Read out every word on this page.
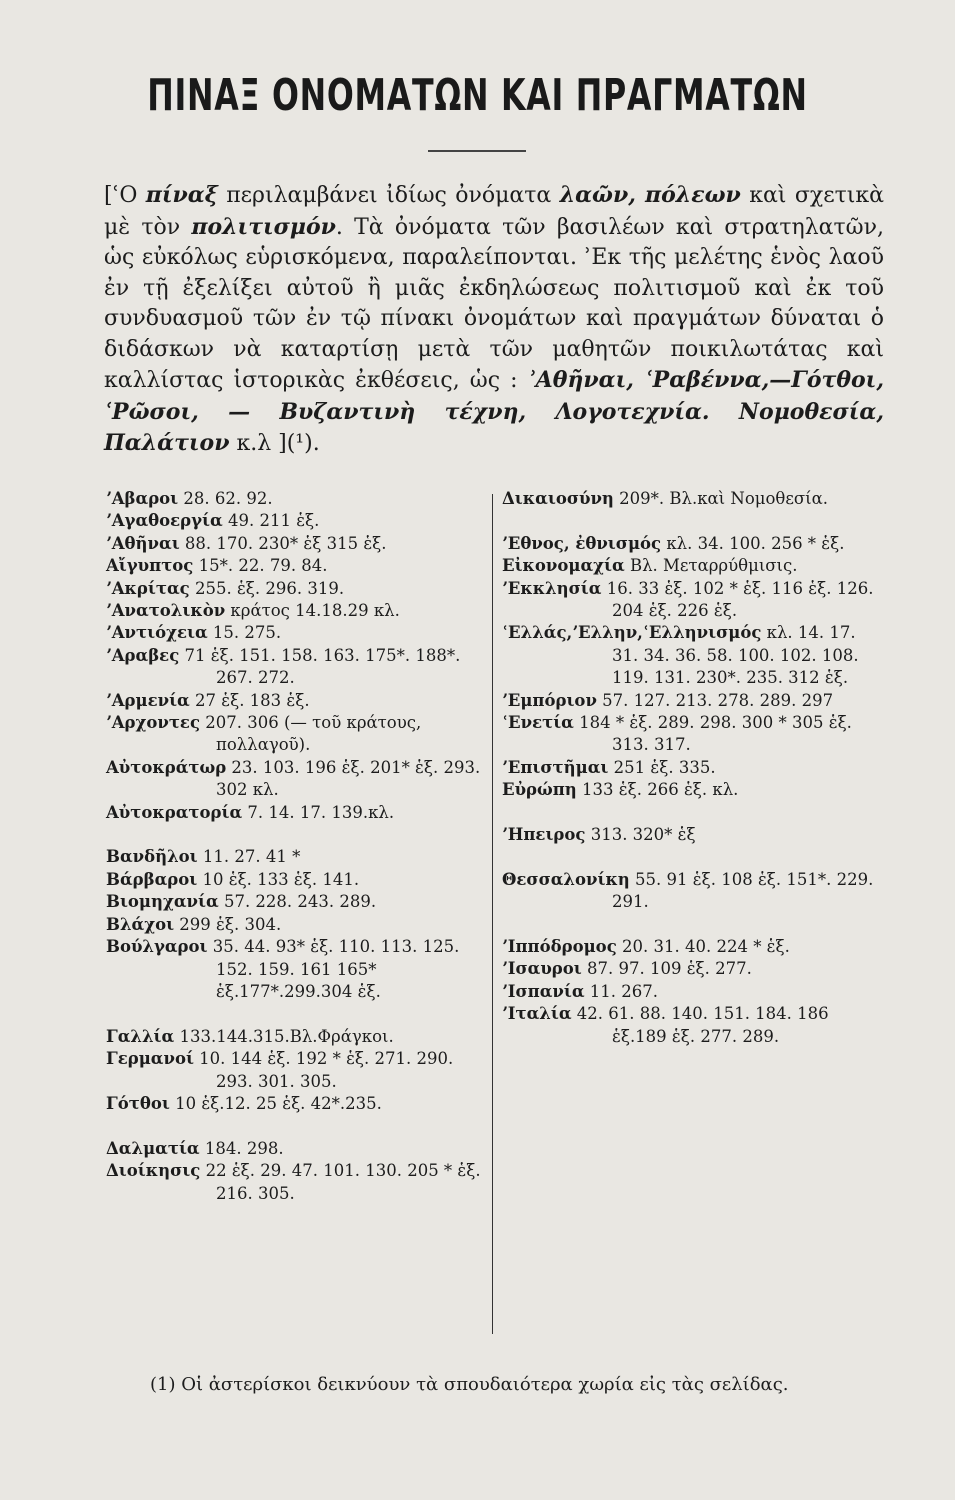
ΠΙΝΑΞ ΟΝΟΜΑΤΩΝ ΚΑΙ ΠΡΑΓΜΑΤΩΝ
[ʿΟ πίναξ περιλαμβάνει ἰδίως ὀνόματα λαῶν, πόλεων καὶ σχετικὰ μὲ τὸν πολιτισμόν. Τὰ ὀνόματα τῶν βασιλέων καὶ στρατηλατῶν, ὡς εὐκόλως εὑρισκόμενα, παραλείπονται. ʾΕκ τῆς μελέτης ἑνὸς λαοῦ ἐν τῇ ἐξελίξει αὐτοῦ ἢ μιᾶς ἐκδηλώσεως πολιτισμοῦ καὶ ἐκ τοῦ συνδυασμοῦ τῶν ἐν τῷ πίνακι ὀνομάτων καὶ πραγμάτων δύναται ὁ διδάσκων νὰ καταρτίσῃ μετὰ τῶν μαθητῶν ποικιλωτάτας καὶ καλλίστας ἱστορικὰς ἐκθέσεις, ὡς : ʾΑθῆναι, ʿΡαβέννα,—Γότθοι, ʿΡῶσοι, — Βυζαντινὴ τέχνη, Λογοτεχνία. Νομοθεσία, Παλάτιον κ.λ ](¹).

ʼΑβαροι 28. 62. 92.

ʼΑγαθοεργία 49. 211 ἑξ.

ʼΑθῆναι 88. 170. 230* ἑξ 315 ἑξ.

Αἴγυπτος 15*. 22. 79. 84.

ʼΑκρίτας 255. ἑξ. 296. 319.

ʼΑνατολικὸν κράτος 14.18.29 κλ.

ʼΑντιόχεια 15. 275.

ʼΑραβες 71 ἑξ. 151. 158. 163. 175*. 188*. 267. 272.

ʼΑρμενία 27 ἑξ. 183 ἑξ.

ʼΑρχοντες 207. 306 (— τοῦ κράτους, πολλαγοῦ).

Αὐτοκράτωρ 23. 103. 196 ἑξ. 201* ἑξ. 293. 302 κλ.

Αὐτοκρατορία 7. 14. 17. 139.κλ.

Βανδῆλοι 11. 27. 41 *

Βάρβαροι 10 ἑξ. 133 ἑξ. 141.

Βιομηχανία 57. 228. 243. 289.

Βλάχοι 299 ἑξ. 304.

Βούλγαροι 35. 44. 93* ἑξ. 110. 113. 125. 152. 159. 161 165* ἑξ.177*.299.304 ἑξ.

Γαλλία 133.144.315.Βλ.Φράγκοι.

Γερμανοί 10. 144 ἑξ. 192 * ἑξ. 271. 290. 293. 301. 305.

Γότθοι 10 ἑξ.12. 25 ἑξ. 42*.235.

Δαλματία 184. 298.

Διοίκησις 22 ἑξ. 29. 47. 101. 130. 205 * ἑξ. 216. 305.

Δικαιοσύνη 209*. Βλ.καὶ Νομοθεσία.

ʼΕθνος, ἐθνισμός κλ. 34. 100. 256 * ἑξ.

Εἰκονομαχία Βλ. Μεταρρύθμισις.

ʼΕκκλησία 16. 33 ἑξ. 102 * ἑξ. 116 ἑξ. 126. 204 ἑξ. 226 ἑξ.

ʿΕλλάς,ʼΕλλην,ʿΕλληνισμός κλ. 14. 17. 31. 34. 36. 58. 100. 102. 108. 119. 131. 230*. 235. 312 ἑξ.

ʼΕμπόριον 57. 127. 213. 278. 289. 297

ʿΕνετία 184 * ἑξ. 289. 298. 300 * 305 ἑξ. 313. 317.

ʼΕπιστῆμαι 251 ἑξ. 335.

Εὐρώπη 133 ἑξ. 266 ἑξ. κλ.

ʼΗπειρος 313. 320* ἑξ

Θεσσαλονίκη 55. 91 ἑξ. 108 ἑξ. 151*. 229. 291.

ʼΙππόδρομος 20. 31. 40. 224 * ἑξ.

ʼΙσαυροι 87. 97. 109 ἑξ. 277.

ʼΙσπανία 11. 267.

ʼΙταλία 42. 61. 88. 140. 151. 184. 186 ἑξ.189 ἑξ. 277. 289.

(1) Οἱ ἀστερίσκοι δεικνύουν τὰ σπουδαιότερα χωρία εἰς τὰς σελίδας.
